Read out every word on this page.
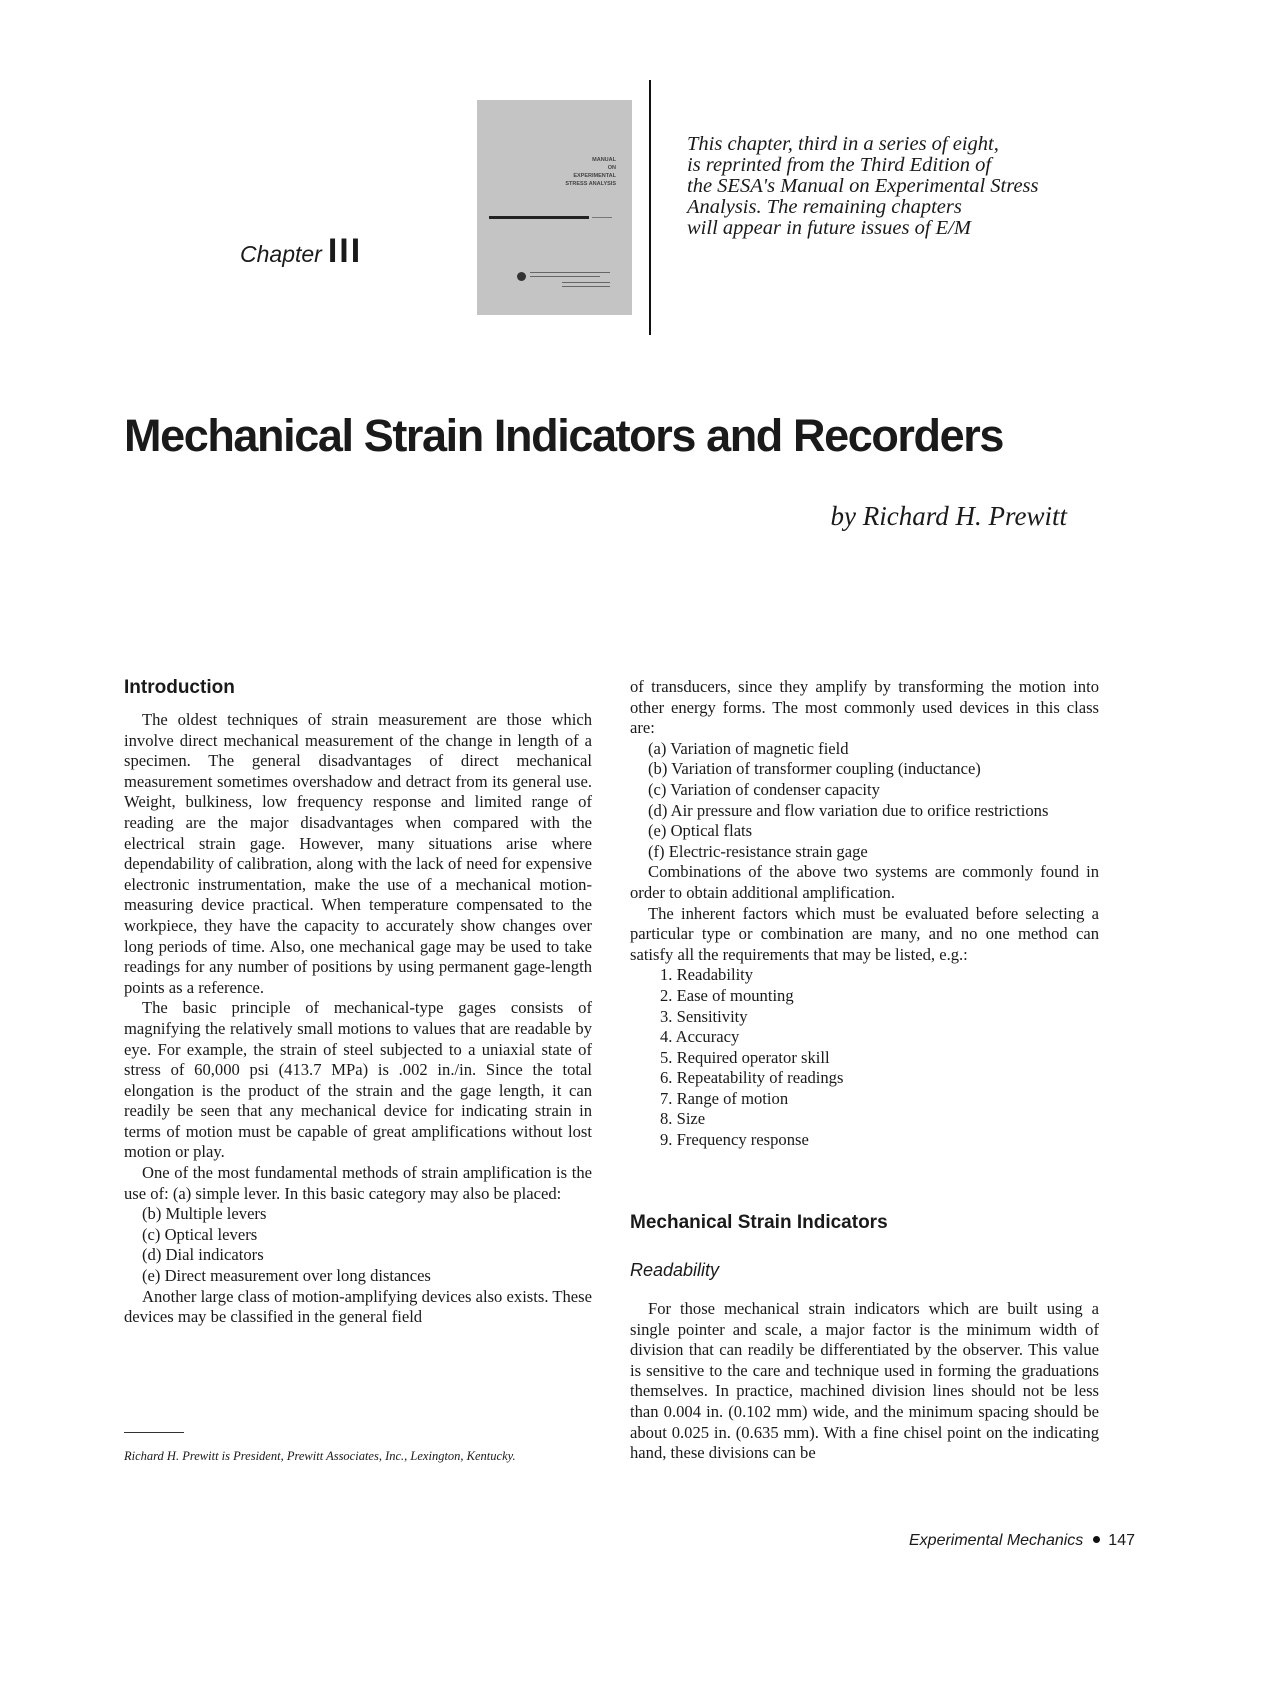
Chapter III
MANUAL
ON
EXPERIMENTAL
STRESS ANALYSIS
This chapter, third in a series of eight,
is reprinted from the Third Edition of
the SESA's Manual on Experimental Stress
Analysis. The remaining chapters
will appear in future issues of E/M
Mechanical Strain Indicators and Recorders
by Richard H. Prewitt
Introduction

The oldest techniques of strain measurement are those which involve direct mechanical measurement of the change in length of a specimen. The general disadvantages of direct mechanical measurement sometimes overshadow and detract from its general use. Weight, bulkiness, low frequency response and limited range of reading are the major disadvantages when compared with the electrical strain gage. However, many situations arise where dependability of calibration, along with the lack of need for expensive electronic instrumentation, make the use of a mechanical motion-measuring device practical. When temperature compensated to the workpiece, they have the capacity to accurately show changes over long periods of time. Also, one mechanical gage may be used to take readings for any number of positions by using permanent gage-length points as a reference.

The basic principle of mechanical-type gages consists of magnifying the relatively small motions to values that are readable by eye. For example, the strain of steel subjected to a uniaxial state of stress of 60,000 psi (413.7 MPa) is .002 in./in. Since the total elongation is the product of the strain and the gage length, it can readily be seen that any mechanical device for indicating strain in terms of motion must be capable of great amplifications without lost motion or play.

One of the most fundamental methods of strain amplification is the use of: (a) simple lever. In this basic category may also be placed:

(b) Multiple levers
(c) Optical levers
(d) Dial indicators
(e) Direct measurement over long distances

Another large class of motion-amplifying devices also exists. These devices may be classified in the general field

Richard H. Prewitt is President, Prewitt Associates, Inc., Lexington, Kentucky.

of transducers, since they amplify by transforming the motion into other energy forms. The most commonly used devices in this class are:

(a) Variation of magnetic field
(b) Variation of transformer coupling (inductance)
(c) Variation of condenser capacity
(d) Air pressure and flow variation due to orifice restrictions
(e) Optical flats
(f) Electric-resistance strain gage

Combinations of the above two systems are commonly found in order to obtain additional amplification.

The inherent factors which must be evaluated before selecting a particular type or combination are many, and no one method can satisfy all the requirements that may be listed, e.g.:

1. Readability
2. Ease of mounting
3. Sensitivity
4. Accuracy
5. Required operator skill
6. Repeatability of readings
7. Range of motion
8. Size
9. Frequency response
Mechanical Strain Indicators
Readability

For those mechanical strain indicators which are built using a single pointer and scale, a major factor is the minimum width of division that can readily be differentiated by the observer. This value is sensitive to the care and technique used in forming the graduations themselves. In practice, machined division lines should not be less than 0.004 in. (0.102 mm) wide, and the minimum spacing should be about 0.025 in. (0.635 mm). With a fine chisel point on the indicating hand, these divisions can be

Experimental Mechanics 147
